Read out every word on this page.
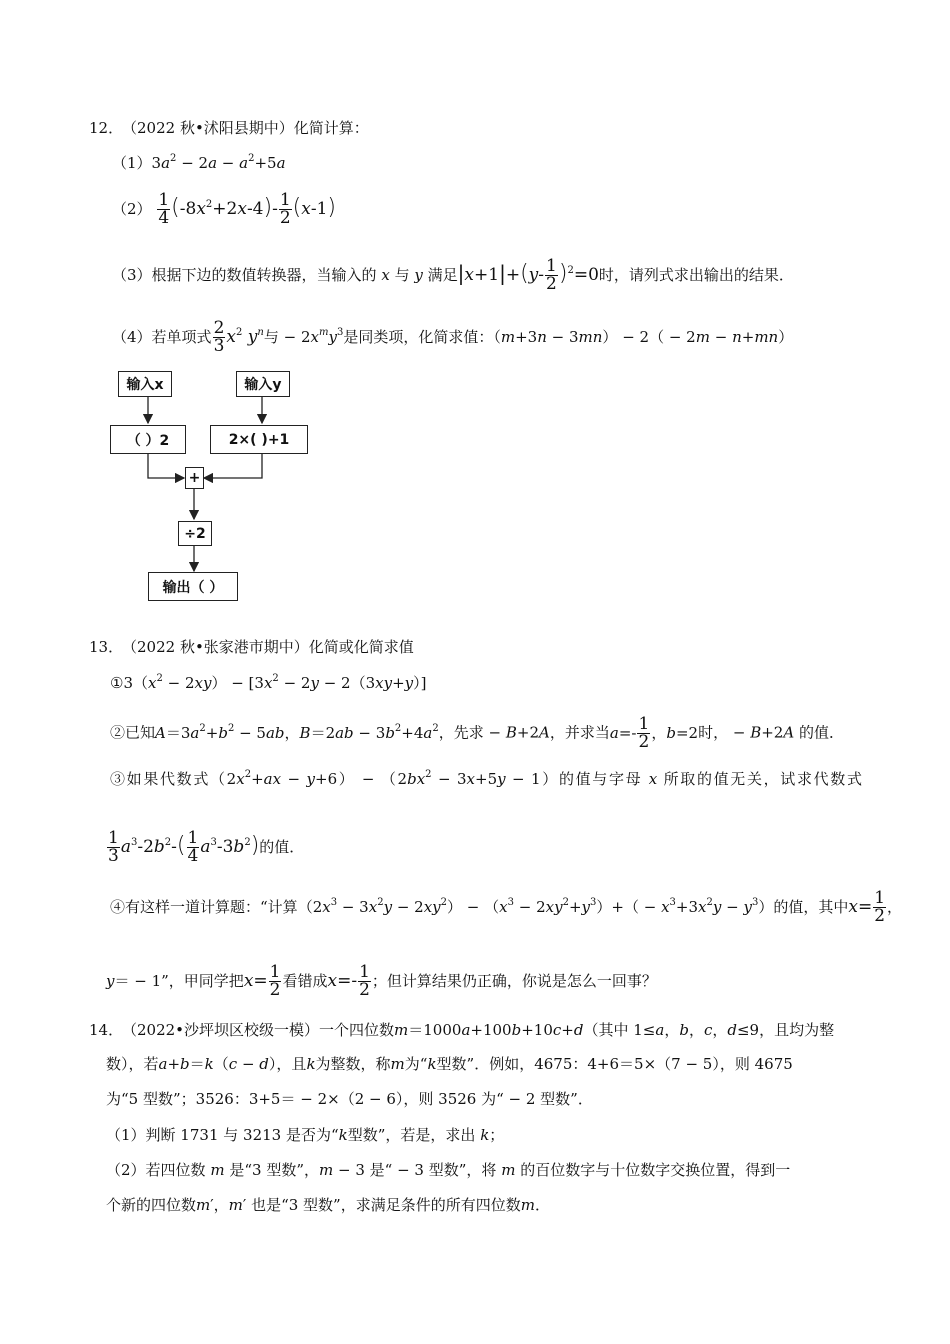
12．
（2022 秋•沭阳县期中）化简计算：
$(1)3a^2 - 2a - a^2+5a$
$(2) \frac{1}{4} (-8x^2+2x-4)- \frac{1}{2} (x-1)$
（3）根据下边的数值转换器，当输入的 x 与 y 满足$|x+1|+(y- \frac{1}{2} )^2=0$时，请列式求出输出的结果．
（4）若单项式 $\frac{2}{3} x^2$ $y^n$与 − $2x^my^3$是同类项，化简求值：（m+3n − 3mn） − 2（ − 2m − n+mn）
输入x	输入y
（ ）2	2×( )+1
+
÷2
输出（ ）
13．
（2022 秋•张家港市期中）化简或化简求值
$①3(x^2 - 2xy) - [3x^2 - 2y - 2(3xy+y)]$
②已知$A=3a^2+b^2 - 5ab$，$B=2ab - 3b^2+4a^2$，先求 − B+2A，并求当$a=- \frac{1}{2}$ ，b=2时， − B+2A 的值．
③如果代数式$(2x^2+ax - y+6) - (2bx^2 - 3x+5y - 1)$的值与字母 x 所取的值无关，试求代数式
$\frac{1}{3} a^3-2b^2-( \frac{1}{4} a^3-3b^2)$的值．
④有这样一道计算题：“计算$(2x^3 - 3x^2y - 2xy^2) - (x^3 - 2xy^2+y^3)+( - x^3+3x^2y - y^3)$的值，其中$x= \frac{1}{2}$ ，
y＝ − 1”，甲同学把$x= \frac{1}{2}$ 看错成$x=- \frac{1}{2}$ ；但计算结果仍正确，你说是怎么一回事？
14．
（2022•沙坪坝区校级一模）一个四位数m＝1000a+100b+10c+d（其中 1≤a，b，c，d≤9，且均为整
数），若a+b＝k（c − d），且k为整数，称m为“k型数”．例如，4675：4+6＝5×（7 − 5），则 4675
为“5 型数”；3526：3+5＝ − 2×（2 − 6），则 3526 为“ − 2 型数”．
（1）判断 1731 与 3213 是否为“k型数”，若是，求出 k；
（2）若四位数 m 是“3 型数”，m − 3 是“ − 3 型数”，将 m 的百位数字与十位数字交换位置，得到一
个新的四位数m′，m′ 也是“3 型数”，求满足条件的所有四位数m．
